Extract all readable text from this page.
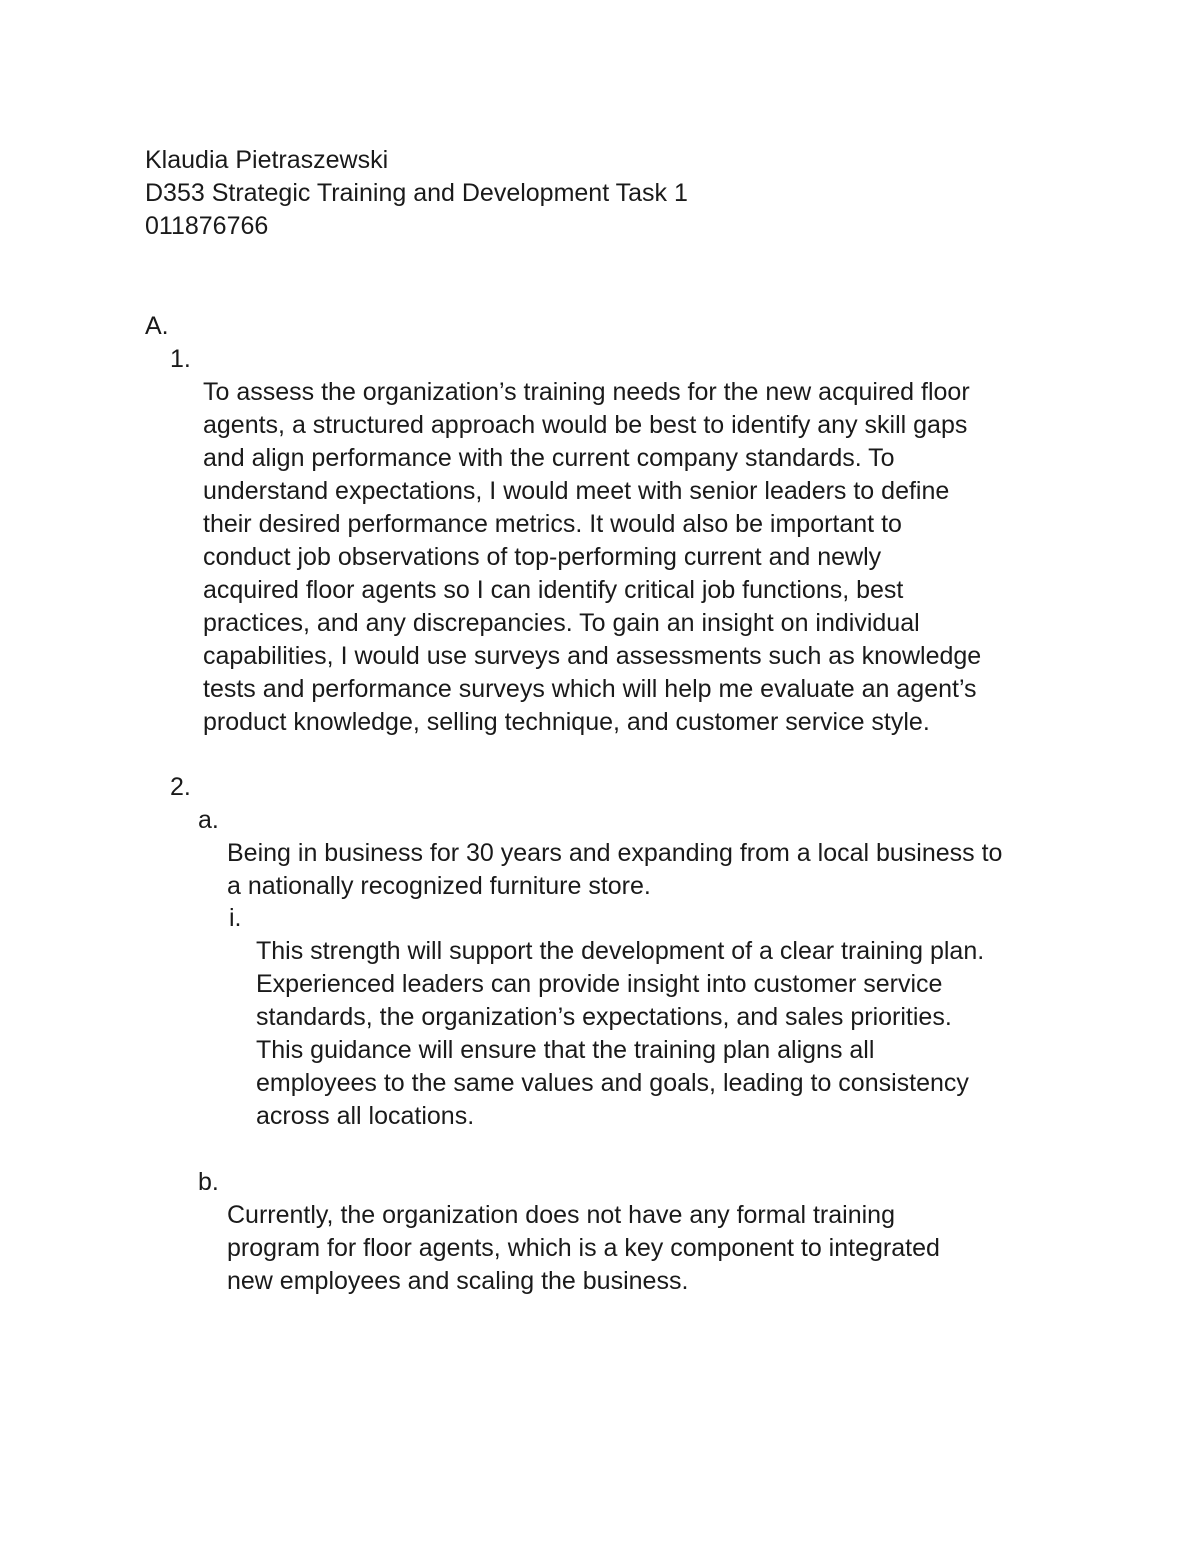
Klaudia Pietraszewski
D353 Strategic Training and Development Task 1
011876766
A.
1.
To assess the organization’s training needs for the new acquired floor
agents, a structured approach would be best to identify any skill gaps
and align performance with the current company standards. To
understand expectations, I would meet with senior leaders to define
their desired performance metrics. It would also be important to
conduct job observations of top-performing current and newly
acquired floor agents so I can identify critical job functions, best
practices, and any discrepancies. To gain an insight on individual
capabilities, I would use surveys and assessments such as knowledge
tests and performance surveys which will help me evaluate an agent’s
product knowledge, selling technique, and customer service style.
2.
a.
Being in business for 30 years and expanding from a local business to
a nationally recognized furniture store.
i.
This strength will support the development of a clear training plan.
Experienced leaders can provide insight into customer service
standards, the organization’s expectations, and sales priorities.
This guidance will ensure that the training plan aligns all
employees to the same values and goals, leading to consistency
across all locations.
b.
Currently, the organization does not have any formal training
program for floor agents, which is a key component to integrated
new employees and scaling the business.
